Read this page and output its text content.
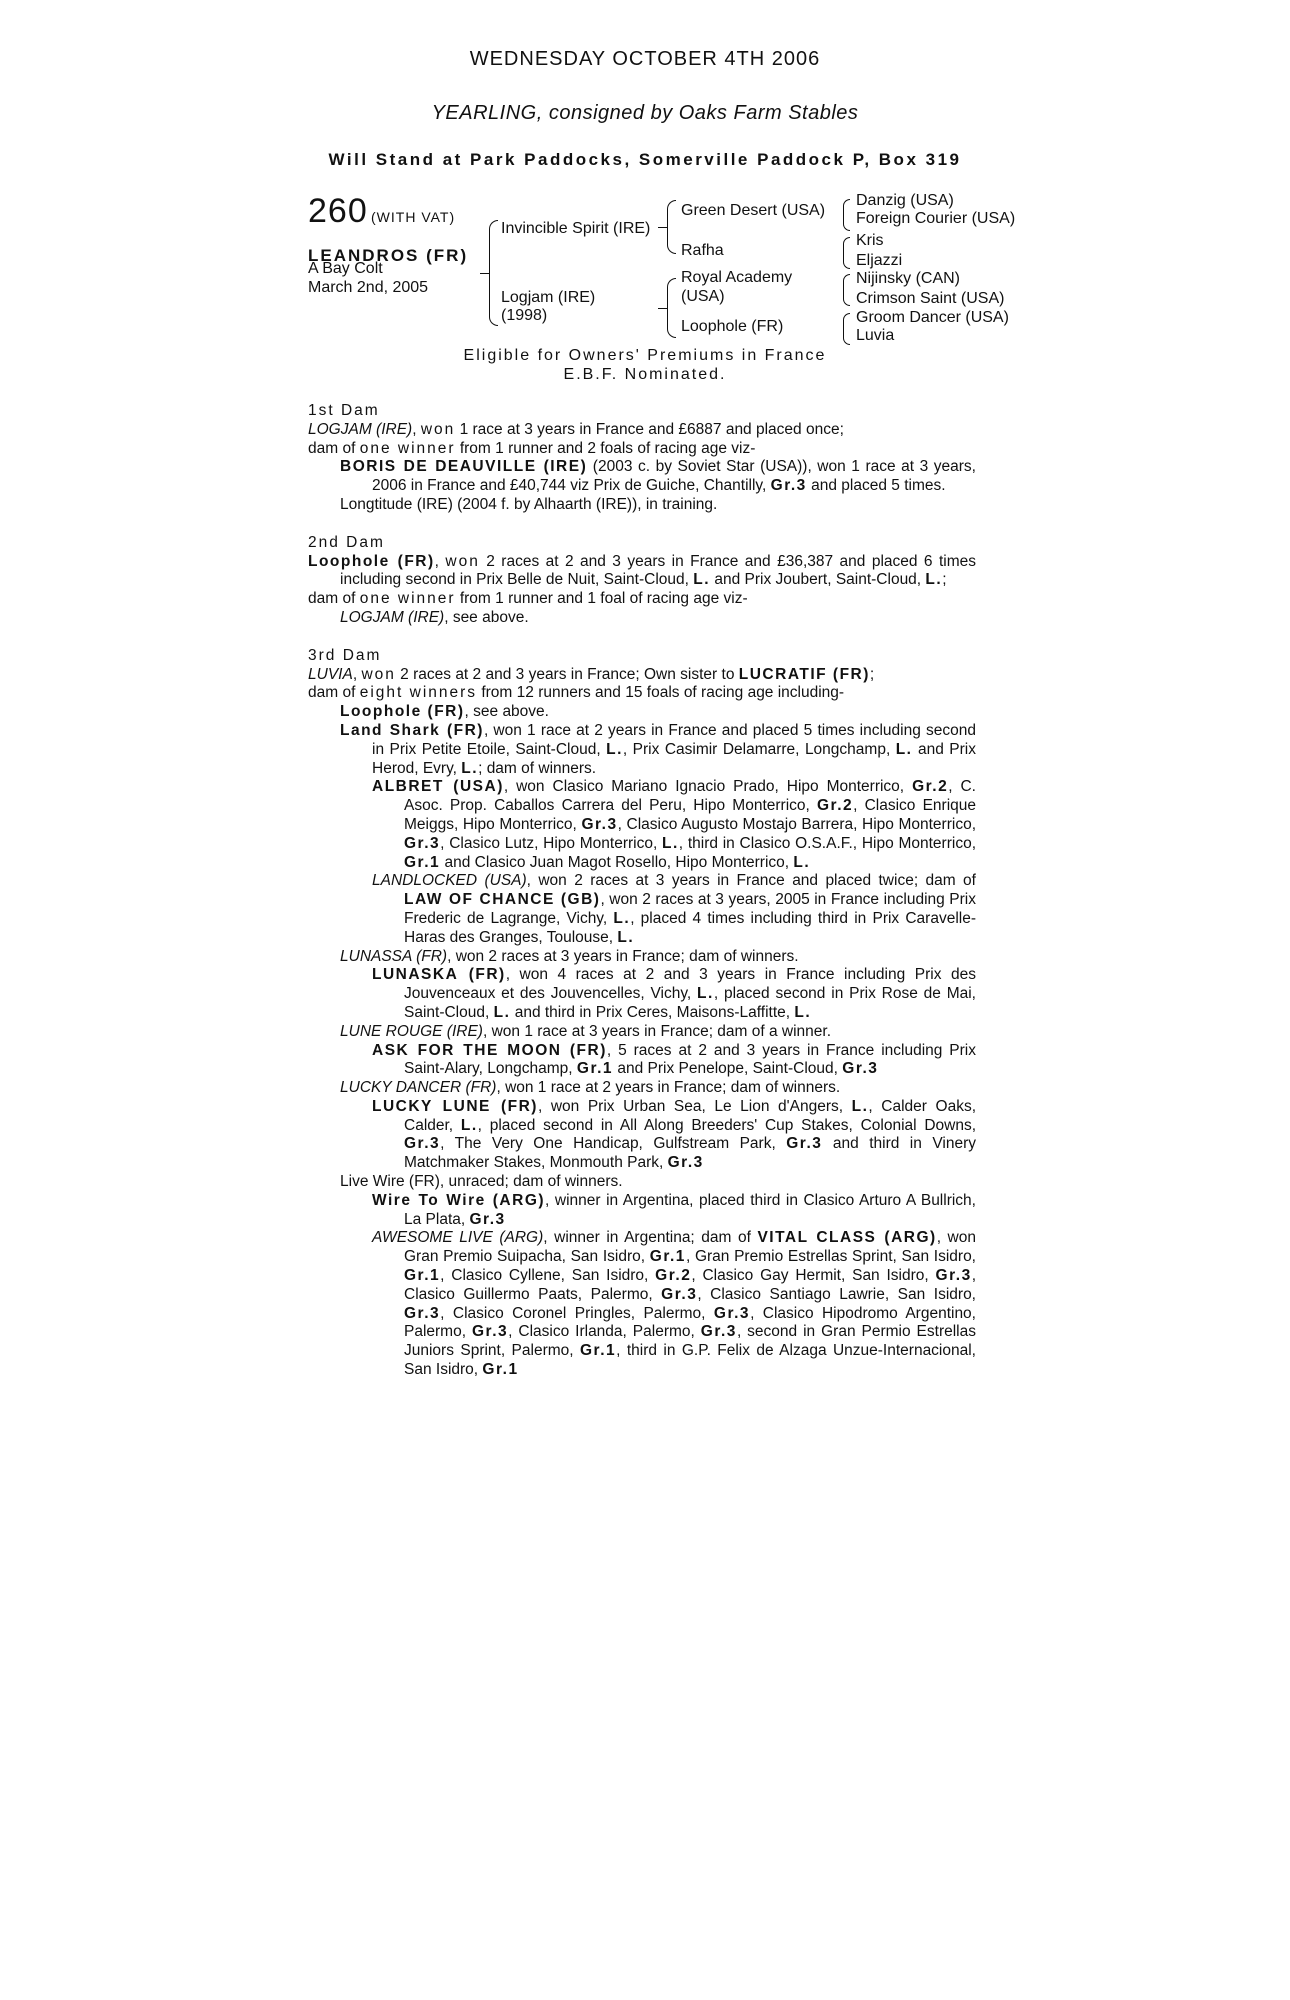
WEDNESDAY OCTOBER 4TH 2006
YEARLING, consigned by Oaks Farm Stables
Will Stand at Park Paddocks, Somerville Paddock P, Box 319
260 (WITH VAT)
LEANDROS (FR)
A Bay Colt
March 2nd, 2005
Invincible Spirit (IRE)
Logjam (IRE)
(1998)
Green Desert (USA)
Rafha
Royal Academy
(USA)
Loophole (FR)
Danzig (USA)
Foreign Courier (USA)
Kris
Eljazzi
Nijinsky (CAN)
Crimson Saint (USA)
Groom Dancer (USA)
Luvia
Eligible for Owners' Premiums in France
E.B.F. Nominated.
1st Dam
LOGJAM (IRE), won 1 race at 3 years in France and £6887 and placed once;
dam of one winner from 1 runner and 2 foals of racing age viz-
BORIS DE DEAUVILLE (IRE) (2003 c. by Soviet Star (USA)), won 1 race at 3 years, 2006 in France and £40,744 viz Prix de Guiche, Chantilly, Gr.3 and placed 5 times.
Longtitude (IRE) (2004 f. by Alhaarth (IRE)), in training.
2nd Dam
Loophole (FR), won 2 races at 2 and 3 years in France and £36,387 and placed 6 times including second in Prix Belle de Nuit, Saint-Cloud, L. and Prix Joubert, Saint-Cloud, L.;
dam of one winner from 1 runner and 1 foal of racing age viz-
LOGJAM (IRE), see above.
3rd Dam
LUVIA, won 2 races at 2 and 3 years in France; Own sister to LUCRATIF (FR);
dam of eight winners from 12 runners and 15 foals of racing age including-
Loophole (FR), see above.
Land Shark (FR), won 1 race at 2 years in France and placed 5 times including second in Prix Petite Etoile, Saint-Cloud, L., Prix Casimir Delamarre, Longchamp, L. and Prix Herod, Evry, L.; dam of winners.
ALBRET (USA), won Clasico Mariano Ignacio Prado, Hipo Monterrico, Gr.2, C. Asoc. Prop. Caballos Carrera del Peru, Hipo Monterrico, Gr.2, Clasico Enrique Meiggs, Hipo Monterrico, Gr.3, Clasico Augusto Mostajo Barrera, Hipo Monterrico, Gr.3, Clasico Lutz, Hipo Monterrico, L., third in Clasico O.S.A.F., Hipo Monterrico, Gr.1 and Clasico Juan Magot Rosello, Hipo Monterrico, L.
LANDLOCKED (USA), won 2 races at 3 years in France and placed twice; dam of LAW OF CHANCE (GB), won 2 races at 3 years, 2005 in France including Prix Frederic de Lagrange, Vichy, L., placed 4 times including third in Prix Caravelle-Haras des Granges, Toulouse, L.
LUNASSA (FR), won 2 races at 3 years in France; dam of winners.
LUNASKA (FR), won 4 races at 2 and 3 years in France including Prix des Jouvenceaux et des Jouvencelles, Vichy, L., placed second in Prix Rose de Mai, Saint-Cloud, L. and third in Prix Ceres, Maisons-Laffitte, L.
LUNE ROUGE (IRE), won 1 race at 3 years in France; dam of a winner.
ASK FOR THE MOON (FR), 5 races at 2 and 3 years in France including Prix Saint-Alary, Longchamp, Gr.1 and Prix Penelope, Saint-Cloud, Gr.3
LUCKY DANCER (FR), won 1 race at 2 years in France; dam of winners.
LUCKY LUNE (FR), won Prix Urban Sea, Le Lion d'Angers, L., Calder Oaks, Calder, L., placed second in All Along Breeders' Cup Stakes, Colonial Downs, Gr.3, The Very One Handicap, Gulfstream Park, Gr.3 and third in Vinery Matchmaker Stakes, Monmouth Park, Gr.3
Live Wire (FR), unraced; dam of winners.
Wire To Wire (ARG), winner in Argentina, placed third in Clasico Arturo A Bullrich, La Plata, Gr.3
AWESOME LIVE (ARG), winner in Argentina; dam of VITAL CLASS (ARG), won Gran Premio Suipacha, San Isidro, Gr.1, Gran Premio Estrellas Sprint, San Isidro, Gr.1, Clasico Cyllene, San Isidro, Gr.2, Clasico Gay Hermit, San Isidro, Gr.3, Clasico Guillermo Paats, Palermo, Gr.3, Clasico Santiago Lawrie, San Isidro, Gr.3, Clasico Coronel Pringles, Palermo, Gr.3, Clasico Hipodromo Argentino, Palermo, Gr.3, Clasico Irlanda, Palermo, Gr.3, second in Gran Permio Estrellas Juniors Sprint, Palermo, Gr.1, third in G.P. Felix de Alzaga Unzue-Internacional, San Isidro, Gr.1
